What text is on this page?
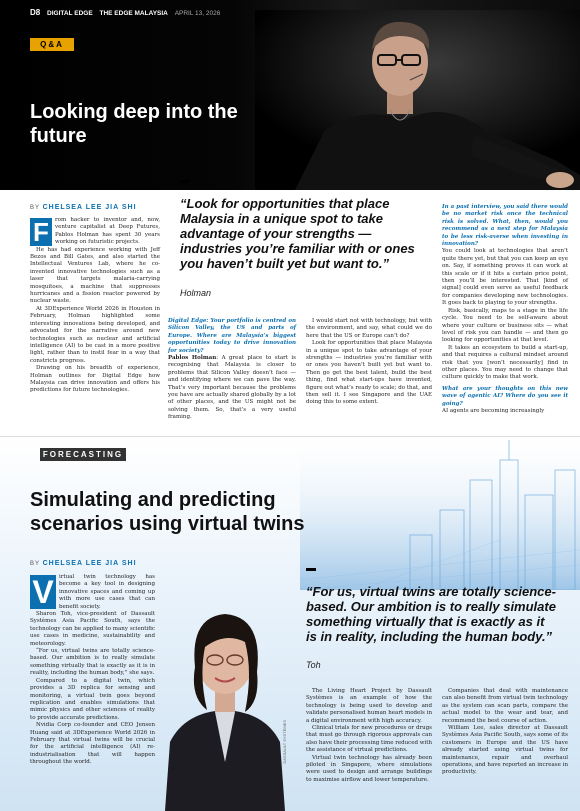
D8 DIGITAL EDGE THE EDGE MALAYSIA APRIL 13, 2026
Q&A
Looking deep into the future
BY CHELSEA LEE JIA SHI
F	rom hacker to inventor and, now, venture capitalist at Deep Futures, Pablos Holman has spent 30 years working on futuristic projects.

He has had experience working with Jeff Bezos and Bill Gates, and also started the Intellectual Ventures Lab, where he co-invented innovative technologies such as a laser that targets malaria-carrying mosquitoes, a machine that suppresses hurricanes and a fission reactor powered by nuclear waste.

At 3DExperience World 2026 in Houston in February, Holman highlighted some interesting innovations being developed, and advocated for the narrative around new technologies such as nuclear and artificial intelligence (AI) to be cast in a more positive light, rather than to instil fear in a way that constricts progress.

Drawing on his breadth of experience, Holman outlines for Digital Edge how Malaysia can drive innovation and offers his predictions for future technologies.

“Look for opportunities that place Malaysia in a unique spot to take advantage of your strengths — industries you’re familiar with or ones you haven’t built yet but want to.”
Holman

Digital Edge: Your portfolio is centred on Silicon Valley, the US and parts of Europe. Where are Malaysia’s biggest opportunities today to drive innovation for society?

Pablos Holman: A great place to start is recognising that Malaysia is closer to problems that Silicon Valley doesn’t face — and identifying where we can pave the way. That’s very important because the problems you have are actually shared globally by a lot of other places, and the US might not be solving them. So, that’s a very useful framing.

I would start not with technology, but with the environment, and say, what could we do here that the US or Europe can’t do?

Look for opportunities that place Malaysia in a unique spot to take advantage of your strengths — industries you’re familiar with or ones you haven’t built yet but want to. Then go get the best talent, build the best thing, find what start-ups have invented, figure out what’s ready to scale; do that, and then sell it. I see Singapore and the UAE doing this to some extent.

In a past interview, you said there would be no market risk once the technical risk is solved. What, then, would you recommend as a next step for Malaysia to be less risk-averse when investing in innovation?

You could look at technologies that aren’t quite there yet, but that you can keep an eye on. Say, if something proves it can work at this scale or if it hits a certain price point, then you’ll be interested. That [kind of signal] could even serve as useful feedback for companies developing new technologies. It goes back to playing to your strengths.

Risk, basically, maps to a stage in the life cycle. You need to be self-aware about where your culture or business sits — what level of risk you can handle — and then go looking for opportunities at that level.

It takes an ecosystem to build a start-up, and that requires a cultural mindset around risk that you [won’t necessarily] find in other places. You may need to change that culture quickly to make that work.

What are your thoughts on this new wave of agentic AI? Where do you see it going?

AI agents are becoming increasingly

FORECASTING
Simulating and predicting scenarios using virtual twins
BY CHELSEA LEE JIA SHI
V irtual twin technology has become a key tool in designing innovative spaces and coming up with more use cases that can benefit society.

Sharon Toh, vice-president of Dassault Systèmes Asia Pacific South, says the technology can be applied to many scientific use cases in medicine, sustainability and meteorology.

“For us, virtual twins are totally science-based. Our ambition is to really simulate something virtually that is exactly as it is in reality, including the human body,” she says.

Compared to a digital twin, which provides a 3D replica for sensing and monitoring, a virtual twin goes beyond replication and enables simulations that mimic physics and other sciences of reality to provide accurate predictions.

Nvidia Corp co-founder and CEO Jensen Huang said at 3DExperience World 2026 in February that virtual twins will be crucial for the artificial intelligence (AI) re-industrialisation that will happen throughout the world.	DASSAULT SYSTÈMES
“For us, virtual twins are totally science-based. Our ambition is to really simulate something virtually that is exactly as it is in reality, including the human body.”
Toh

The Living Heart Project by Dassault Systèmes is an example of how the technology is being used to develop and validate personalised human heart models in a digital environment with high accuracy.

Clinical trials for new procedures or drugs that must go through rigorous approvals can also have their processing time reduced with the assistance of virtual predictions.

Virtual twin technology has already been piloted in Singapore, where simulations were used to design and arrange buildings to maximise airflow and lower temperature.

Companies that deal with maintenance can also benefit from virtual twin technology as the system can scan parts, compare the actual model to the wear and tear, and recommend the best course of action.

William Lee, sales director at Dassault Systèmes Asia Pacific South, says some of its customers in Europe and the US have already started using virtual twins for maintenance, repair and overhaul operations, and have reported an increase in productivity.
